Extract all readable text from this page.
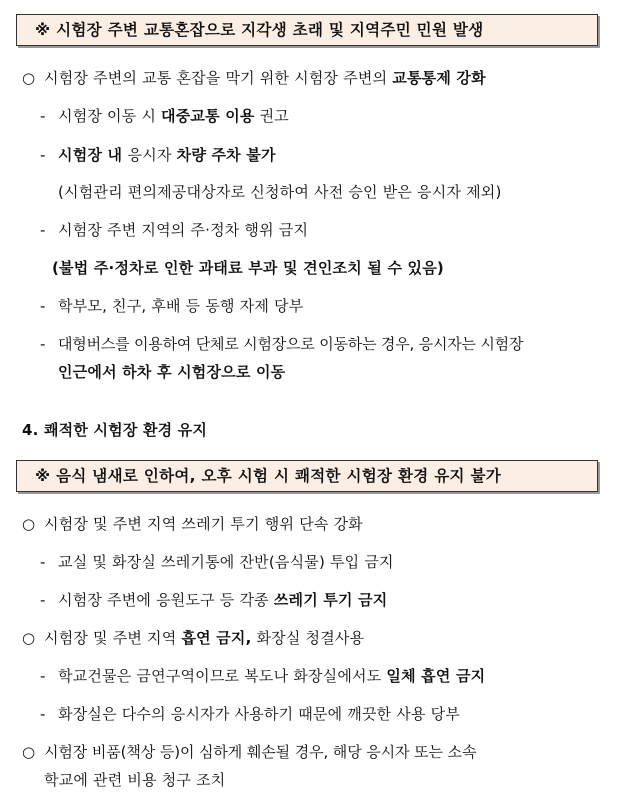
※ 시험장 주변 교통혼잡으로 지각생 초래 및 지역주민 민원 발생
○ 시험장 주변의 교통 혼잡을 막기 위한 시험장 주변의 교통통제 강화
- 시험장 이동 시 대중교통 이용 권고
- 시험장 내 응시자 차량 주차 불가
(시험관리 편의제공대상자로 신청하여 사전 승인 받은 응시자 제외)
- 시험장 주변 지역의 주·정차 행위 금지
(불법 주·정차로 인한 과태료 부과 및 견인조치 될 수 있음)
- 학부모, 친구, 후배 등 동행 자제 당부
- 대형버스를 이용하여 단체로 시험장으로 이동하는 경우, 응시자는 시험장
인근에서 하차 후 시험장으로 이동
4. 쾌적한 시험장 환경 유지
※ 음식 냄새로 인하여, 오후 시험 시 쾌적한 시험장 환경 유지 불가
○ 시험장 및 주변 지역 쓰레기 투기 행위 단속 강화
- 교실 및 화장실 쓰레기통에 잔반(음식물) 투입 금지
- 시험장 주변에 응원도구 등 각종 쓰레기 투기 금지
○ 시험장 및 주변 지역 흡연 금지, 화장실 청결사용
- 학교건물은 금연구역이므로 복도나 화장실에서도 일체 흡연 금지
- 화장실은 다수의 응시자가 사용하기 때문에 깨끗한 사용 당부
○ 시험장 비품(책상 등)이 심하게 훼손될 경우, 해당 응시자 또는 소속
학교에 관련 비용 청구 조치
